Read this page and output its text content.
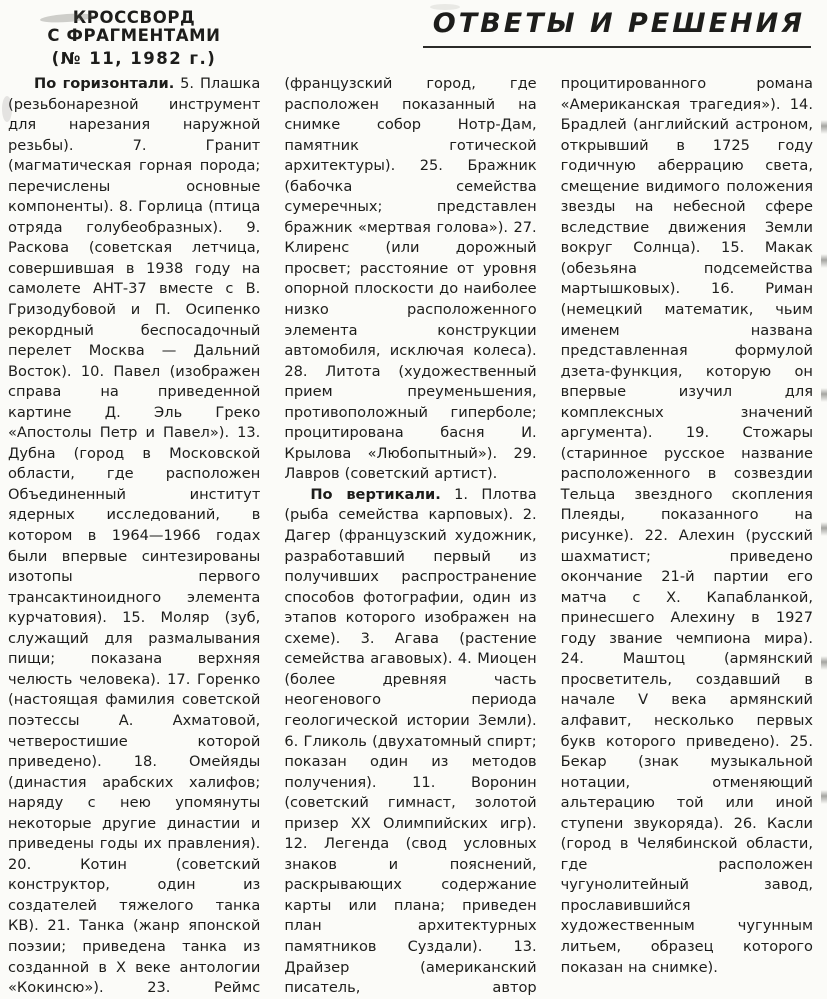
КРОССВОРД
С ФРАГМЕНТАМИ
(№ 11, 1982 г.)
ОТВЕТЫ И РЕШЕНИЯ

По горизонтали. 5. Плашка (резьбонарезной инструмент для нарезания наружной резьбы). 7. Гранит (магматическая горная порода; перечислены основные компоненты). 8. Горлица (птица отряда голубеобразных). 9. Раскова (советская летчица, совершившая в 1938 году на самолете АНТ-37 вместе с В. Гризодубовой и П. Осипенко рекордный беспосадочный перелет Москва — Дальний Восток). 10. Павел (изображен справа на приведенной картине Д. Эль Греко «Апостолы Петр и Павел»). 13. Дубна (город в Московской области, где расположен Объединенный институт ядерных исследований, в котором в 1964—1966 годах были впервые синтезированы изотопы первого трансактиноидного элемента курчатовия). 15. Моляр (зуб, служащий для размалывания пищи; показана верхняя челюсть человека). 17. Горенко (настоящая фамилия советской поэтессы А. Ахматовой, четверостишие которой приведено). 18. Омейяды (династия арабских халифов; наряду с нею упомянуты некоторые другие династии и приведены годы их правления). 20. Котин (советский конструктор, один из создателей тяжелого танка КВ). 21. Танка (жанр японской поэзии; приведена танка из созданной в X веке антологии «Кокинсю»). 23. Реймс (французский город, где расположен показанный на снимке собор Нотр-Дам, памятник готической архитектуры). 25. Бражник (бабочка семейства сумеречных; представлен бражник «мертвая голова»). 27. Клиренс (или дорожный просвет; расстояние от уровня опорной плоскости до наиболее низко расположенного элемента конструкции автомобиля, исключая колеса). 28. Литота (художественный прием преуменьшения, противоположный гиперболе; процитирована басня И. Крылова «Любопытный»). 29. Лавров (советский артист).

По вертикали. 1. Плотва (рыба семейства карповых). 2. Дагер (французский художник, разработавший первый из получивших распространение способов фотографии, один из этапов которого изображен на схеме). 3. Агава (растение семейства агавовых). 4. Миоцен (более древняя часть неогенового периода геологической истории Земли). 6. Гликоль (двухатомный спирт; показан один из методов получения). 11. Воронин (советский гимнаст, золотой призер XX Олимпийских игр). 12. Легенда (свод условных знаков и пояснений, раскрывающих содержание карты или плана; приведен план архитектурных памятников Суздали). 13. Драйзер (американский писатель, автор процитированного романа «Американская трагедия»). 14. Брадлей (английский астроном, открывший в 1725 году годичную аберрацию света, смещение видимого положения звезды на небесной сфере вследствие движения Земли вокруг Солнца). 15. Макак (обезьяна подсемейства мартышковых). 16. Риман (немецкий математик, чьим именем названа представленная формулой дзета-функция, которую он впервые изучил для комплексных значений аргумента). 19. Стожары (старинное русское название расположенного в созвездии Тельца звездного скопления Плеяды, показанного на рисунке). 22. Алехин (русский шахматист; приведено окончание 21-й партии его матча с Х. Капабланкой, принесшего Алехину в 1927 году звание чемпиона мира). 24. Маштоц (армянский просветитель, создавший в начале V века армянский алфавит, несколько первых букв которого приведено). 25. Бекар (знак музыкальной нотации, отменяющий альтерацию той или иной ступени звукоряда). 26. Касли (город в Челябинской области, где расположен чугунолитейный завод, прославившийся художественным чугунным литьем, образец которого показан на снимке).
